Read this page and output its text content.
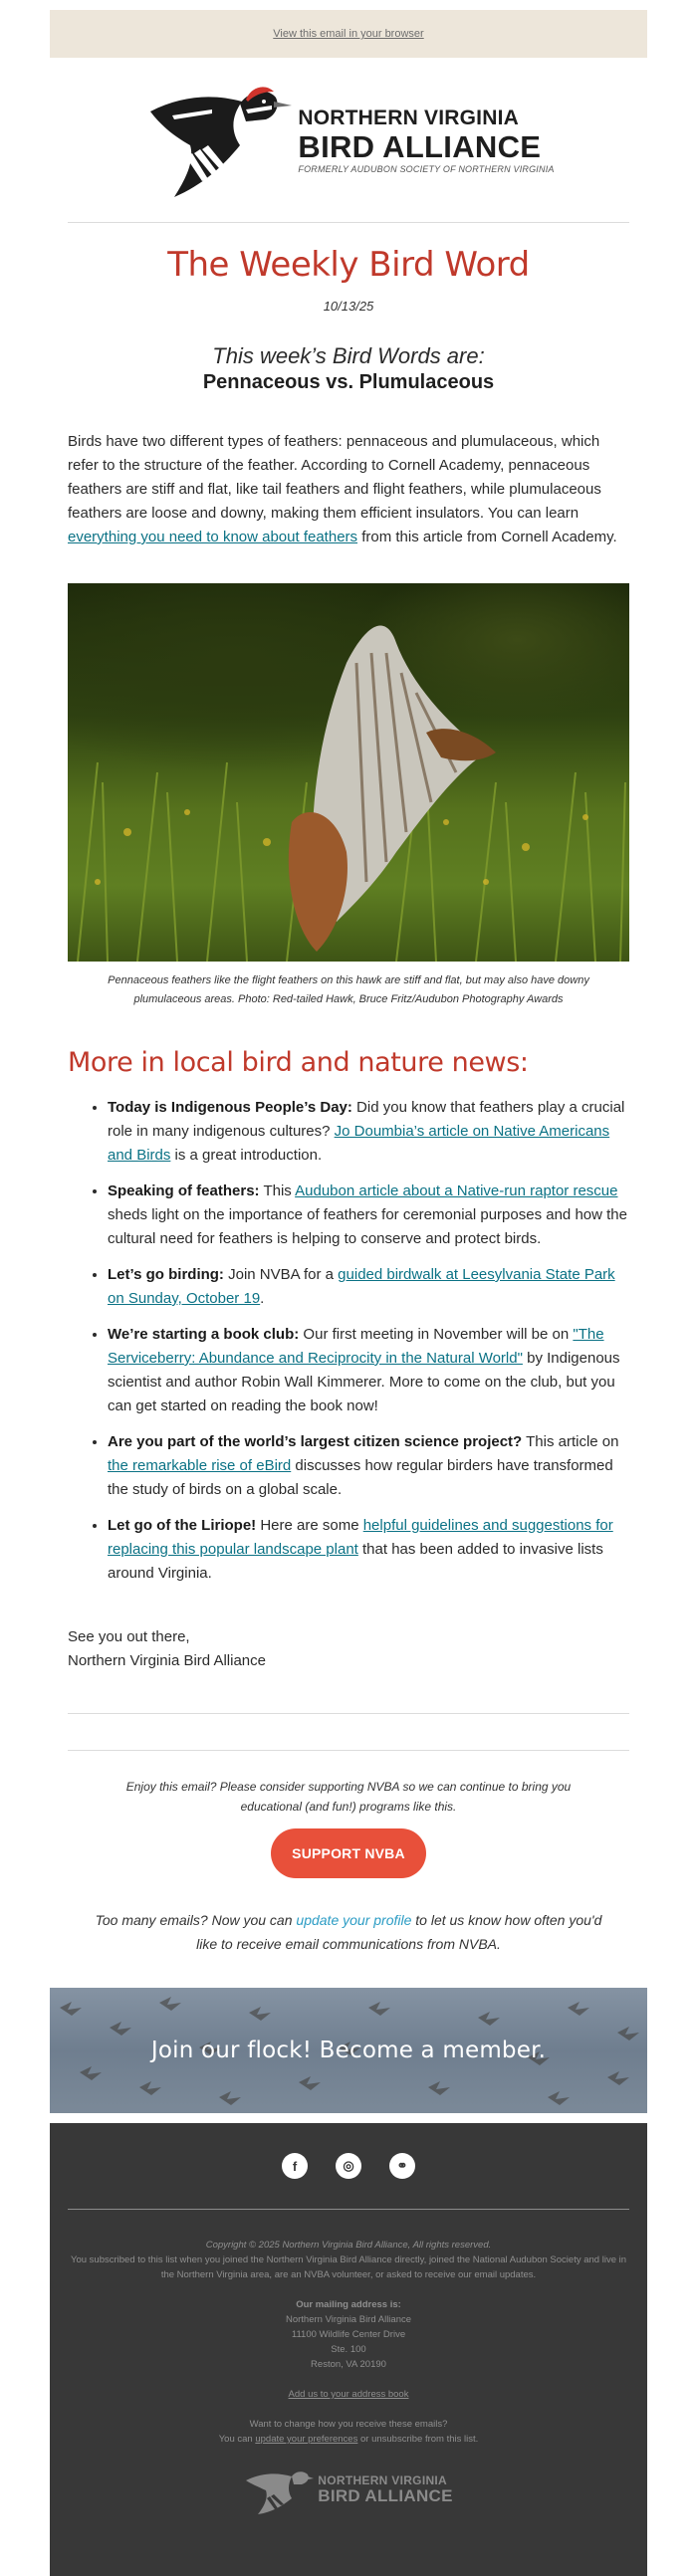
View this email in your browser
NORTHERN VIRGINIA
BIRD ALLIANCE
FORMERLY AUDUBON SOCIETY OF NORTHERN VIRGINIA
The Weekly Bird Word
10/13/25
This week’s Bird Words are:
Pennaceous vs. Plumulaceous

Birds have two different types of feathers: pennaceous and plumulaceous, which refer to the structure of the feather. According to Cornell Academy, pennaceous feathers are stiff and flat, like tail feathers and flight feathers, while plumulaceous feathers are loose and downy, making them efficient insulators. You can learn everything you need to know about feathers from this article from Cornell Academy.

Pennaceous feathers like the flight feathers on this hawk are stiff and flat, but may also have downy plumulaceous areas. Photo: Red-tailed Hawk, Bruce Fritz/Audubon Photography Awards

More in local bird and nature news:
• Today is Indigenous People’s Day: Did you know that feathers play a crucial role in many indigenous cultures? Jo Doumbia’s article on Native Americans and Birds is a great introduction.
• Speaking of feathers: This Audubon article about a Native-run raptor rescue sheds light on the importance of feathers for ceremonial purposes and how the cultural need for feathers is helping to conserve and protect birds.
• Let’s go birding: Join NVBA for a guided birdwalk at Leesylvania State Park on Sunday, October 19.
• We’re starting a book club: Our first meeting in November will be on "The Serviceberry: Abundance and Reciprocity in the Natural World" by Indigenous scientist and author Robin Wall Kimmerer. More to come on the club, but you can get started on reading the book now!
• Are you part of the world’s largest citizen science project? This article on the remarkable rise of eBird discusses how regular birders have transformed the study of birds on a global scale.
• Let go of the Liriope! Here are some helpful guidelines and suggestions for replacing this popular landscape plant that has been added to invasive lists around Virginia.
See you out there,
Northern Virginia Bird Alliance

Enjoy this email? Please consider supporting NVBA so we can continue to bring you educational (and fun!) programs like this.

SUPPORT NVBA

Too many emails? Now you can update your profile to let us know how often you'd like to receive email communications from NVBA.

Join our flock! Become a member.
f	◎	⚭

Copyright © 2025 Northern Virginia Bird Alliance, All rights reserved.

You subscribed to this list when you joined the Northern Virginia Bird Alliance directly, joined the National Audubon Society and live in the Northern Virginia area, are an NVBA volunteer, or asked to receive our email updates.

Our mailing address is:

Northern Virginia Bird Alliance

11100 Wildlife Center Drive

Ste. 100

Reston, VA 20190

Add us to your address book

Want to change how you receive these emails?

You can update your preferences or unsubscribe from this list.

NORTHERN VIRGINIA
BIRD ALLIANCE
